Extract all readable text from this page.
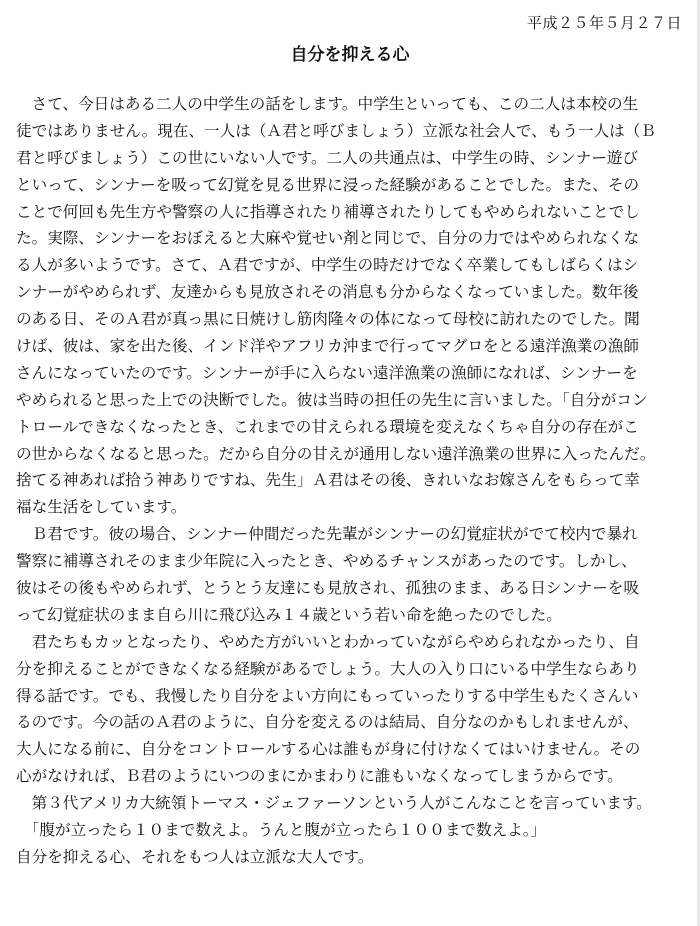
平成２５年５月２７日
自分を抑える心
　さて、今日はある二人の中学生の話をします。中学生といっても、この二人は本校の生
徒ではありません。現在、一人は（Ａ君と呼びましょう）立派な社会人で、もう一人は（Ｂ
君と呼びましょう）この世にいない人です。二人の共通点は、中学生の時、シンナー遊び
といって、シンナーを吸って幻覚を見る世界に浸った経験があることでした。また、その
ことで何回も先生方や警察の人に指導されたり補導されたりしてもやめられないことでし
た。実際、シンナーをおぼえると大麻や覚せい剤と同じで、自分の力ではやめられなくな
る人が多いようです。さて、Ａ君ですが、中学生の時だけでなく卒業してもしばらくはシ
ンナーがやめられず、友達からも見放されその消息も分からなくなっていました。数年後
のある日、そのＡ君が真っ黒に日焼けし筋肉隆々の体になって母校に訪れたのでした。聞
けば、彼は、家を出た後、インド洋やアフリカ沖まで行ってマグロをとる遠洋漁業の漁師
さんになっていたのです。シンナーが手に入らない遠洋漁業の漁師になれば、シンナーを
やめられると思った上での決断でした。彼は当時の担任の先生に言いました。「自分がコン
トロールできなくなったとき、これまでの甘えられる環境を変えなくちゃ自分の存在がこ
の世からなくなると思った。だから自分の甘えが通用しない遠洋漁業の世界に入ったんだ。
捨てる神あれば拾う神ありですね、先生」Ａ君はその後、きれいなお嫁さんをもらって幸
福な生活をしています。
　Ｂ君です。彼の場合、シンナー仲間だった先輩がシンナーの幻覚症状がでて校内で暴れ
警察に補導されそのまま少年院に入ったとき、やめるチャンスがあったのです。しかし、
彼はその後もやめられず、とうとう友達にも見放され、孤独のまま、ある日シンナーを吸
って幻覚症状のまま自ら川に飛び込み１４歳という若い命を絶ったのでした。
　君たちもカッとなったり、やめた方がいいとわかっていながらやめられなかったり、自
分を抑えることができなくなる経験があるでしょう。大人の入り口にいる中学生ならあり
得る話です。でも、我慢したり自分をよい方向にもっていったりする中学生もたくさんい
るのです。今の話のＡ君のように、自分を変えるのは結局、自分なのかもしれませんが、
大人になる前に、自分をコントロールする心は誰もが身に付けなくてはいけません。その
心がなければ、Ｂ君のようにいつのまにかまわりに誰もいなくなってしまうからです。
　第３代アメリカ大統領トーマス・ジェファーソンという人がこんなことを言っています。
　「腹が立ったら１０まで数えよ。うんと腹が立ったら１００まで数えよ。」
自分を抑える心、それをもつ人は立派な大人です。
